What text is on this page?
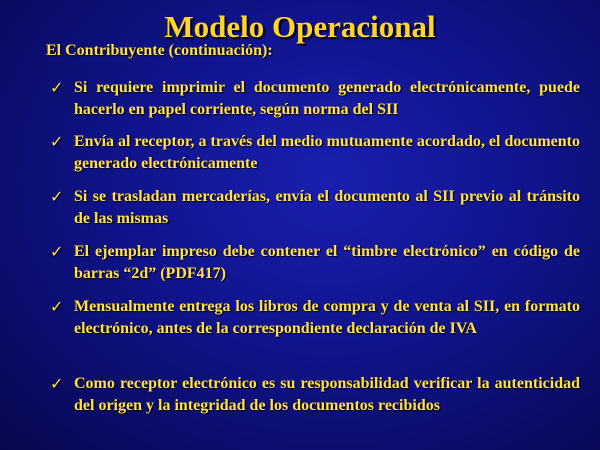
Modelo Operacional
El Contribuyente (continuación):
✓ Si requiere imprimir el documento generado electrónicamente, puede hacerlo en papel corriente, según norma del SII
✓ Envía al receptor, a través del medio mutuamente acordado, el documento generado electrónicamente
✓ Si se trasladan mercaderías, envía el documento al SII previo al tránsito de las mismas
✓ El ejemplar impreso debe contener el “timbre electrónico” en código de barras “2d” (PDF417)
✓ Mensualmente entrega los libros de compra y de venta al SII, en formato electrónico, antes de la correspondiente declaración de IVA
✓ Como receptor electrónico es su responsabilidad verificar la autenticidad del origen y la integridad de los documentos recibidos
